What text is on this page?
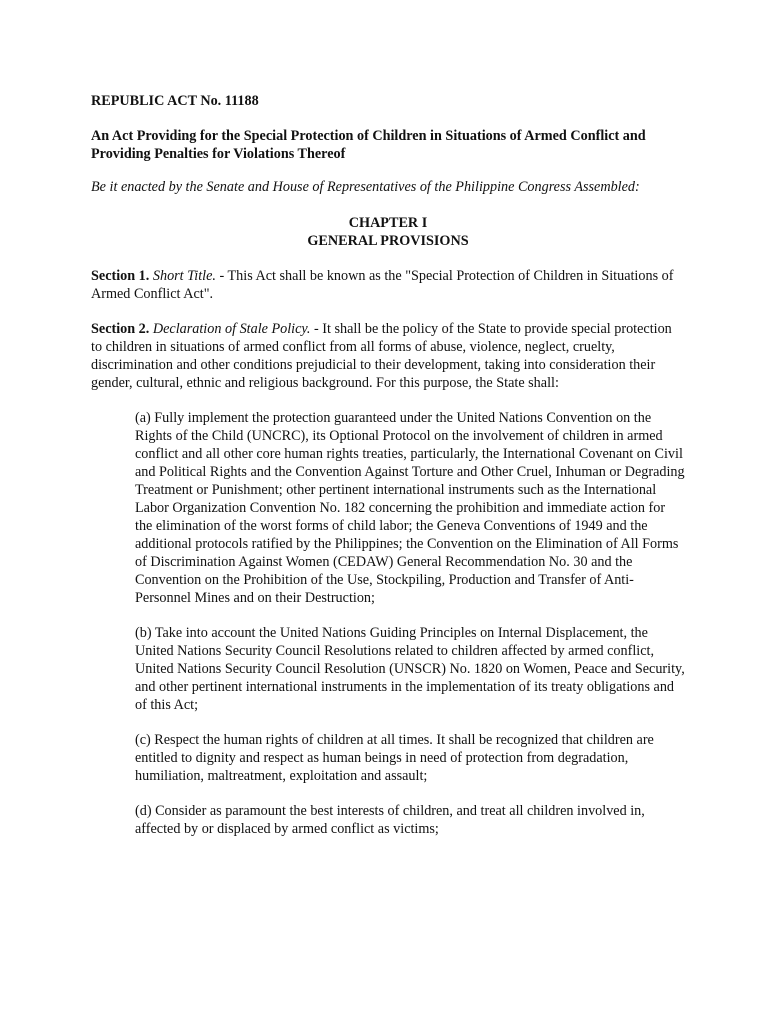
REPUBLIC ACT No. 11188

An Act Providing for the Special Protection of Children in Situations of Armed Conflict and Providing Penalties for Violations Thereof

Be it enacted by the Senate and House of Representatives of the Philippine Congress Assembled:

CHAPTER I
GENERAL PROVISIONS

Section 1. Short Title. - This Act shall be known as the "Special Protection of Children in Situations of Armed Conflict Act".

Section 2. Declaration of Stale Policy. - It shall be the policy of the State to provide special protection to children in situations of armed conflict from all forms of abuse, violence, neglect, cruelty, discrimination and other conditions prejudicial to their development, taking into consideration their gender, cultural, ethnic and religious background. For this purpose, the State shall:

(a) Fully implement the protection guaranteed under the United Nations Convention on the Rights of the Child (UNCRC), its Optional Protocol on the involvement of children in armed conflict and all other core human rights treaties, particularly, the International Covenant on Civil and Political Rights and the Convention Against Torture and Other Cruel, Inhuman or Degrading Treatment or Punishment; other pertinent international instruments such as the International Labor Organization Convention No. 182 concerning the prohibition and immediate action for the elimination of the worst forms of child labor; the Geneva Conventions of 1949 and the additional protocols ratified by the Philippines; the Convention on the Elimination of All Forms of Discrimination Against Women (CEDAW) General Recommendation No. 30 and the Convention on the Prohibition of the Use, Stockpiling, Production and Transfer of Anti-Personnel Mines and on their Destruction;

(b) Take into account the United Nations Guiding Principles on Internal Displacement, the United Nations Security Council Resolutions related to children affected by armed conflict, United Nations Security Council Resolution (UNSCR) No. 1820 on Women, Peace and Security, and other pertinent international instruments in the implementation of its treaty obligations and of this Act;

(c) Respect the human rights of children at all times. It shall be recognized that children are entitled to dignity and respect as human beings in need of protection from degradation, humiliation, maltreatment, exploitation and assault;

(d) Consider as paramount the best interests of children, and treat all children involved in, affected by or displaced by armed conflict as victims;
